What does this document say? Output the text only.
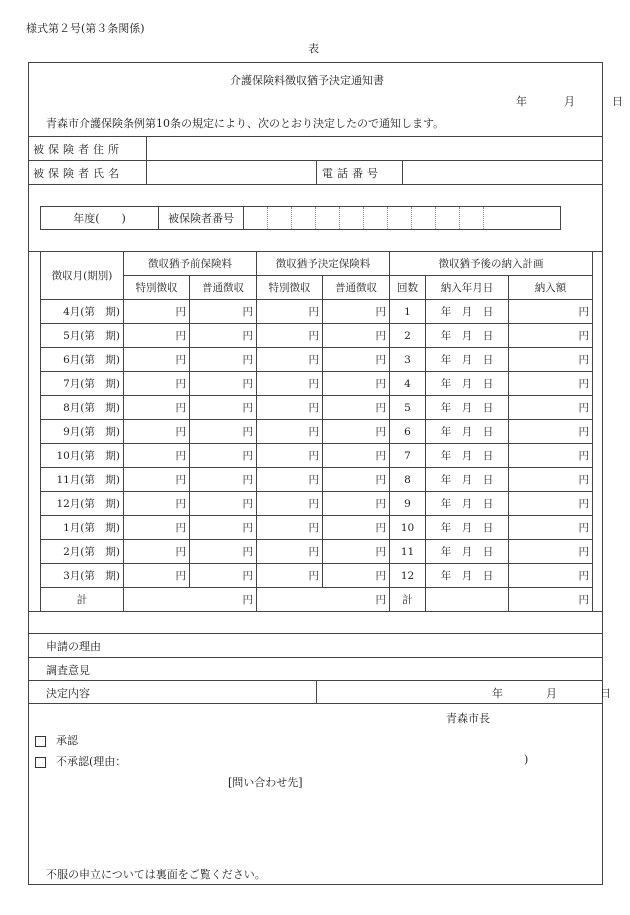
様式第２号(第３条関係)
表
介護保険料徴収猶予決定通知書
年	月	日
青森市介護保険条例第10条の規定により、次のとおり決定したので通知します。
被保険者住所
被保険者氏名	電話番号
年度(　　)	被保険者番号
徴収月(期別)	徴収猶予前保険料		徴収猶予決定保険料		徴収猶予後の納入計画		
	特別徴収	普通徴収	特別徴収	普通徴収	回数	納入年月日	納入額
4月(第　期)	円	円	円	円	1	年　月　日	円
5月(第　期)	円	円	円	円	2	年　月　日	円
6月(第　期)	円	円	円	円	3	年　月　日	円
7月(第　期)	円	円	円	円	4	年　月　日	円
8月(第　期)	円	円	円	円	5	年　月　日	円
9月(第　期)	円	円	円	円	6	年　月　日	円
10月(第　期)	円	円	円	円	7	年　月　日	円
11月(第　期)	円	円	円	円	8	年　月　日	円
12月(第　期)	円	円	円	円	9	年　月　日	円
1月(第　期)	円	円	円	円	10	年　月　日	円
2月(第　期)	円	円	円	円	11	年　月　日	円
3月(第　期)	円	円	円	円	12	年　月　日	円
計	円		円		計		円
申請の理由
調査意見
決定内容	年	月	日
青森市長
承認
不承認(理由：	)
[問い合わせ先]
不服の申立については裏面をご覧ください。
